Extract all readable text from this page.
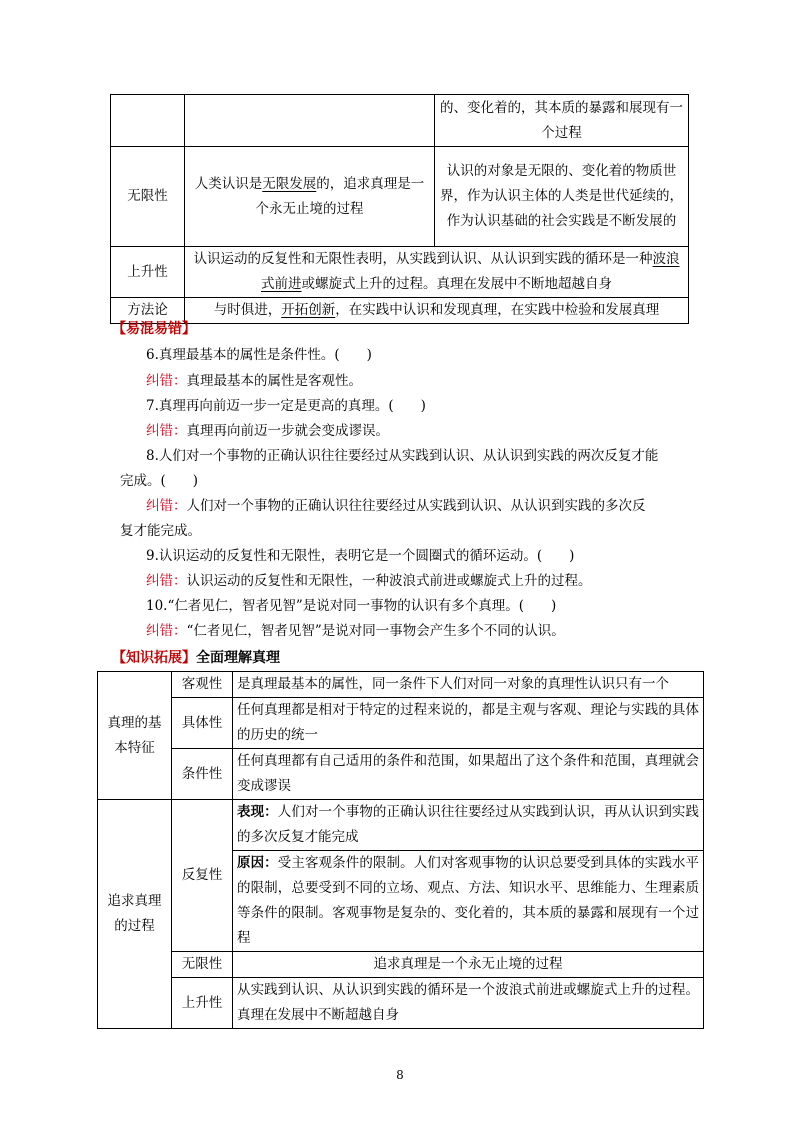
		的、变化着的，其本质的暴露和展现有一个过程
无限性	人类认识是无限发展的，追求真理是一个永无止境的过程	认识的对象是无限的、变化着的物质世界，作为认识主体的人类是世代延续的，作为认识基础的社会实践是不断发展的
上升性	认识运动的反复性和无限性表明，从实践到认识、从认识到实践的循环是一种波浪式前进或螺旋式上升的过程。真理在发展中不断地超越自身	
方法论	与时俱进，开拓创新，在实践中认识和发现真理，在实践中检验和发展真理	
【易混易错】
6.真理最基本的属性是条件性。(　　)
纠错：真理最基本的属性是客观性。
7.真理再向前迈一步一定是更高的真理。(　　)
纠错：真理再向前迈一步就会变成谬误。
8.人们对一个事物的正确认识往往要经过从实践到认识、从认识到实践的两次反复才能
完成。(　　)
纠错：人们对一个事物的正确认识往往要经过从实践到认识、从认识到实践的多次反
复才能完成。
9.认识运动的反复性和无限性，表明它是一个圆圈式的循环运动。(　　)
纠错：认识运动的反复性和无限性，一种波浪式前进或螺旋式上升的过程。
10.“仁者见仁，智者见智”是说对同一事物的认识有多个真理。(　　)
纠错：“仁者见仁，智者见智”是说对同一事物会产生多个不同的认识。
【知识拓展】全面理解真理
真理的基本特征	客观性	是真理最基本的属性，同一条件下人们对同一对象的真理性认识只有一个
	具体性	任何真理都是相对于特定的过程来说的，都是主观与客观、理论与实践的具体的历史的统一
	条件性	任何真理都有自己适用的条件和范围，如果超出了这个条件和范围，真理就会变成谬误
追求真理的过程	反复性	表现：人们对一个事物的正确认识往往要经过从实践到认识，再从认识到实践的多次反复才能完成
		原因：受主客观条件的限制。人们对客观事物的认识总要受到具体的实践水平的限制，总要受到不同的立场、观点、方法、知识水平、思维能力、生理素质等条件的限制。客观事物是复杂的、变化着的，其本质的暴露和展现有一个过程
	无限性	追求真理是一个永无止境的过程
	上升性	从实践到认识、从认识到实践的循环是一个波浪式前进或螺旋式上升的过程。真理在发展中不断超越自身
8
